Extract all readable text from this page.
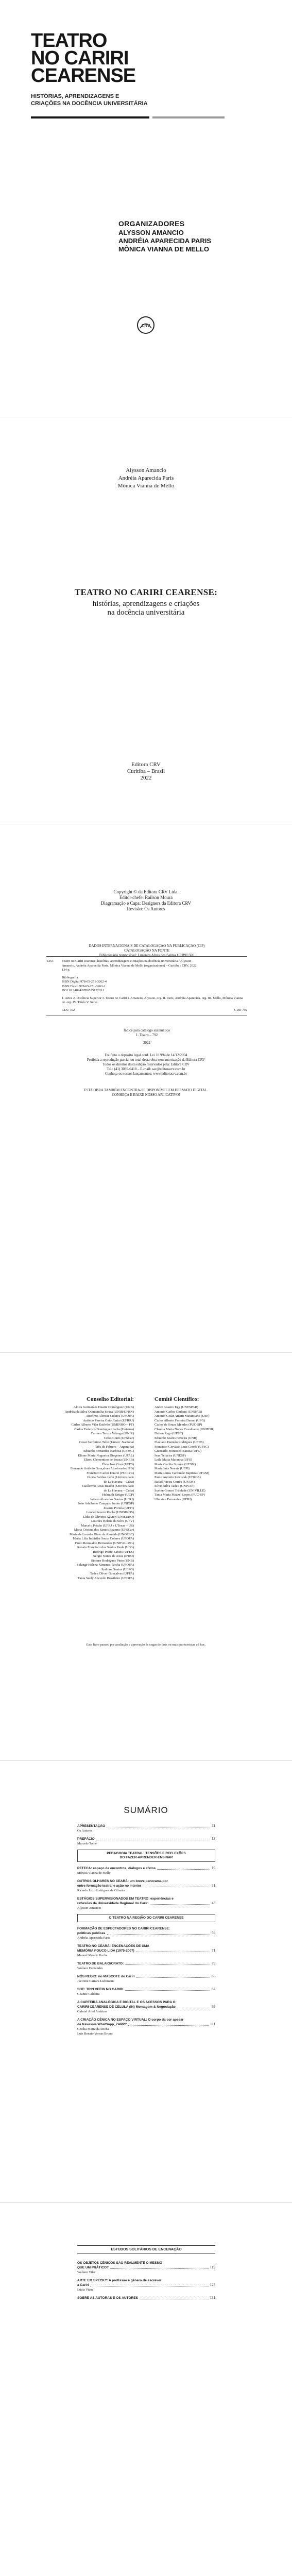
TEATRO
NO CARIRI
CEARENSE
HISTÓRIAS, APRENDIZAGENS E
CRIAÇÕES NA DOCÊNCIA UNIVERSITÁRIA
ORGANIZADORES
ALYSSON AMANCIO
ANDRÉIA APARECIDA PARIS
MÔNICA VIANNA DE MELLO
CRV
Alysson Amancio
Andréia Aparecida Paris
Mônica Vianna de Mello
TEATRO NO CARIRI CEARENSE:
histórias, aprendizagens e criações
na docência universitária
Editora CRV
Curitiba – Brasil
2022
Copyright © da Editora CRV Ltda.
Editor-chefe: Railson Moura
Diagramação e Capa: Designers da Editora CRV
Revisão: Os Autores
DADOS INTERNACIONAIS DE CATALOGAÇÃO NA PUBLICAÇÃO (CIP)
CATALOGAÇÃO NA FONTE
Bibliotecária responsável: Luzenira Alves dos Santos CRB9/1506
T253	Teatro no Cariri cearense: histórias, aprendizagens e criações na docência universitária / Alysson
Amancio, Andréia Aparecida Paris, Mônica Vianna de Mello (organizadores) – Curitiba : CRV, 2022.
134 p.
Bibliografia
ISBN Digital 978-65-251-3262-4
ISBN Físico 978-65-251-3263-1
DOI 10.24824/978652513263.1
1. Artes 2. Docência Superior 3. Teatro no Cariri I. Amancio, Alysson. org. II. Paris, Andréia Aparecida. org. III. Mello, Mônica Vianna de. org. IV. Título V. Série.
CDU 792	CDD 792
Índice para catálogo sistemático
1. Teatro – 792
2022
Foi feito o depósito legal conf. Lei 10.994 de 14/12/2004
Proibida a reprodução parcial ou total desta obra sem autorização da Editora CRV
Todos os direitos desta edição reservados pela: Editora CRV
Tel.: (41) 3039-6418 – E-mail: sac@editoracrv.com.br
Conheça os nossos lançamentos: www.editoracrv.com.br
ESTA OBRA TAMBÉM ENCONTRA-SE DISPONÍVEL EM FORMATO DIGITAL.
CONHEÇA E BAIXE NOSSO APLICATIVO!
Conselho Editorial:
Aldira Guimarães Duarte Domínguez (UNB)
Andréia da Silva Quintanilha Sousa (UNIR/UFRN)
Anselmo Alencar Colares (UFOPA)
Antônio Pereira Gaio Júnior (UFRRJ)
Carlos Alberto Vilar Estêvão (UMINHO – PT)
Carlos Federico Dominguez Avila (Unieuro)
Carmen Tereza Velanga (UNIR)
Celso Conti (UFSCar)
Cesar Gerónimo Tello (Univer .Nacional
Três de Febrero – Argentina)
Eduardo Fernandes Barbosa (UFMG)
Elione Maria Nogueira Diogenes (UFAL)
Elizeu Clementino de Souza (UNEB)
Élsio José Corá (UFFS)
Fernando Antônio Gonçalves Alcoforado (IPB)
Francisco Carlos Duarte (PUC-PR)
Gloria Fariñas León (Universidade
de La Havana – Cuba)
Guillermo Arias Beatón (Universidade
de La Havana – Cuba)
Helmuth Krüger (UCP)
Jailson Alves dos Santos (UFRJ)
João Adalberto Campato Junior (UNESP)
Josania Portela (UFPI)
Leonel Severo Rocha (UNISINOS)
Lídia de Oliveira Xavier (UNIEURO)
Lourdes Helena da Silva (UFV)
Marcelo Paixão (UFRJ e UTexas – US)
Maria Cristina dos Santos Bezerra (UFSCar)
Maria de Lourdes Pinto de Almeida (UNOESC)
Maria Lília Imbiriba Sousa Colares (UFOPA)
Paulo Romualdo Hernandes (UNIFAL-MG)
Renato Francisco dos Santos Paula (UFG)
Rodrigo Pratte-Santos (UFES)
Sérgio Nunes de Jesus (IFRO)
Simone Rodrigues Pinto (UNB)
Solange Helena Ximenes-Rocha (UFOPA)
Sydione Santos (UEPG)
Tadeu Oliver Gonçalves (UFPA)
Tania Suely Azevedo Brasileiro (UFOPA)
Comitê Científico:
Andre Acastro Egg (UNESPAR)
Antonio Carlos Giuliani (UNIPAR)
Antonio Cesar Amaru Maximiano (USP)
Carlos Alberto Ferreira Danon (UFG)
Carlos de Souza Mendes (PUC-SP)
Claudia Maria Nunes Cavalcante (UNIFOR)
Dalton Rego (UFSC)
Eduardo Soares Ferreira (UNB)
Flaviano Damião Rodrigues (UFPB)
Francisco Gervásio Luiz Corrêa (UFSC)
Giancarlo Francisco Batista (UFG)
Ivan Teixeira (UNESP)
Leila Matia Maranha (UFS)
Maria Cecília Simões (UFSM)
Maria Inês Novais (UFPI)
Maria Luiza Cardinale Baptista (UFAM)
Paulo Antonio Zawislak (UFRGS)
Rafael Vieira Corrêa (UFAM)
Silvio Silva Tadeu (UNIVAP)
Suelen Gomes Trindade (UNIVILLE)
Tania Maria Mazzei Lopes (PUC-SP)
Ubiratan Fernandes (UFRJ)
Este livro passou por avaliação e aprovação às cegas de dois ou mais pareceristas ad hoc.
SUMÁRIO
APRESENTAÇÃO	11
Os Autores
PREFÁCIO	13
Marcelo Tomé
PEDAGOGIA TEATRAL: TENSÕES E REFLEXÕES
DO FAZER-APRENDER-ENSINAR
PETECA: espaço de encontros, diálogos e afetos	19
Mônica Vianna de Mello
OUTROS OLHARES NO CEARÁ: um breve panorama por
entre formação teatral e ação no interior	31
Ricardo Luiz Rodrigues de Oliveira
ESTÁGIOS SUPERVISIONADOS EM TEATRO: experiências e
reflexões da Universidade Regional do Cariri	43
Alysson Amancio
O TEATRO NA REGIÃO DO CARIRI CEARENSE
FORMAÇÃO DE ESPECTADORES NO CARIRI CEARENSE:
políticas públicas	59
Andréia Aparecida Paris
TEATRO NO CEARÁ: ENCENAÇÕES DE UMA
MEMÓRIA POUCO LIDA (1975-2007)	71
Manoel Moacir Rocha
TEATRO DE BALAIO/CRATO:	79
Wollace Fernandes
NÓS REGIO: no MASCOTE do Cariri	85
Jucirene Carrara Liebmann
SHE: TRIN VEEIN NO CARIRI	87
Geanne Caldeira
A CARTEIRA ANALÓGICA E DIGITAL E OS ACESSOS PARA O
CARIRI CEARENSE DE CÉLULA (IN) Montagem & Negociação	99
Gabriel Ariel Andrino
A CRIAÇÃO CÊNICA NO ESPAÇO VIRTUAL: O corpo da cor apesar
da travessia WhatSapp_ZAPP?	111
Cecília Maria da Rocha
Luis Renato Vernas Bruno
ESTUDOS SOLITÁRIOS DE ENCENAÇÃO
OS OBJETOS CÊNICOS SÃO REALMENTE O MESMO
QUE UM PRÁTICO?	119
Wallace Vilar
ARTE EM SPECKY: A profissão é gênero de escrever
a Cariri	127
Lúcia Viana
SOBRE AS AUTORAS E OS AUTORES	131
